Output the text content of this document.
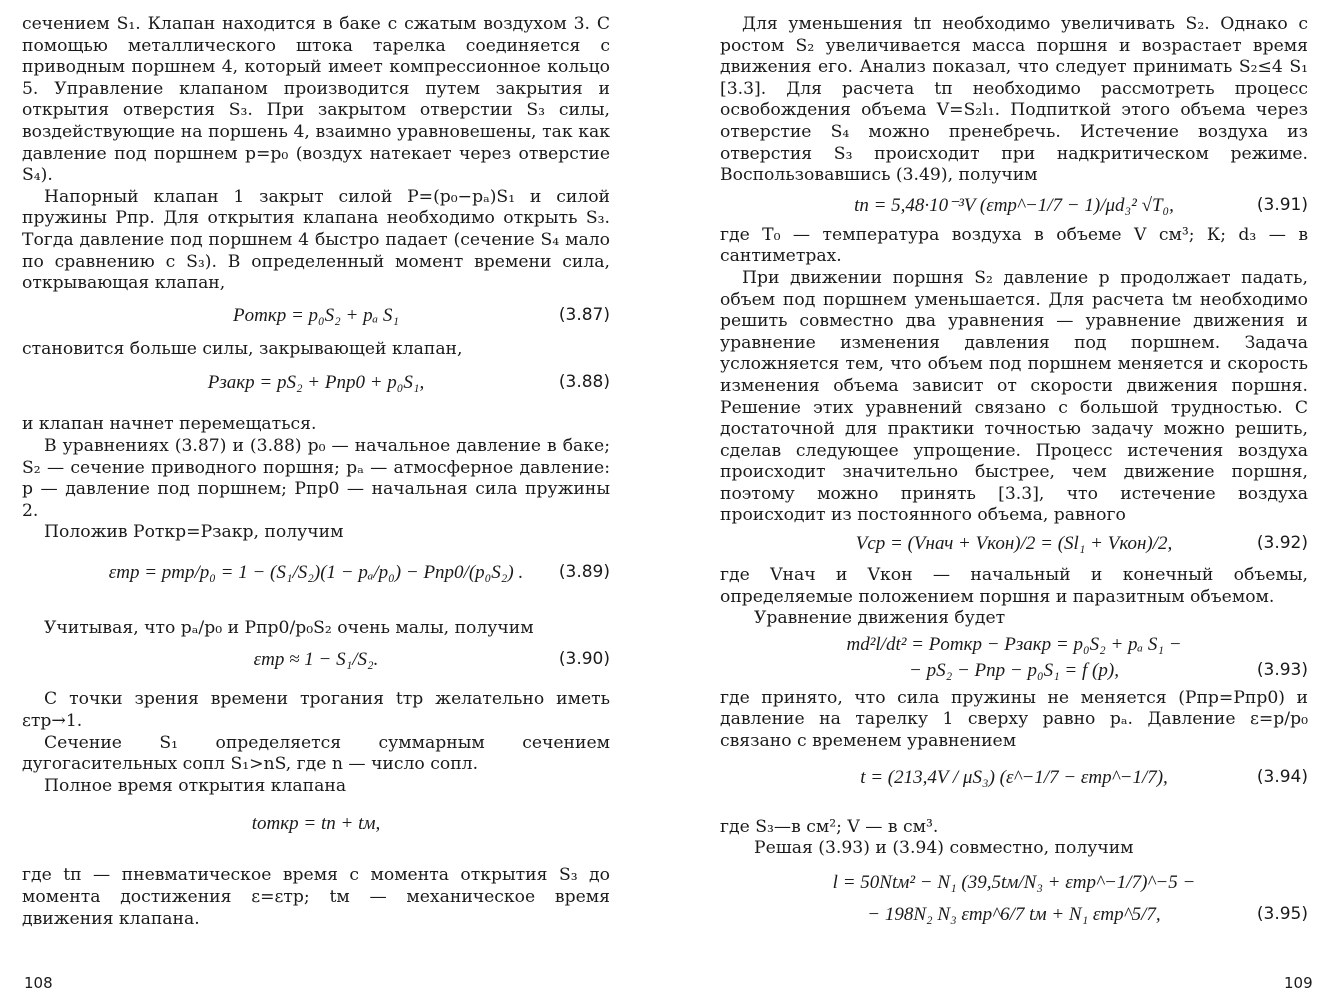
сечением S₁. Клапан находится в баке с сжатым воздухом 3. С помощью металлического штока тарелка соединяется с приводным поршнем 4, который имеет компрессионное кольцо 5. Управление клапаном производится путем закрытия и открытия отверстия S₃. При закрытом отверстии S₃ силы, воздействующие на поршень 4, взаимно уравновешены, так как давление под поршнем p=p₀ (воздух натекает через отверстие S₄).

Напорный клапан 1 закрыт силой P=(p₀−pₐ)S₁ и силой пружины Pпр. Для открытия клапана необходимо открыть S₃. Тогда давление под поршнем 4 быстро падает (сечение S₄ мало по сравнению с S₃). В определенный момент времени сила, открывающая клапан,

Pоткр = p₀S₂ + pₐ S₁	(3.87)

становится больше силы, закрывающей клапан,

Pзакр = pS₂ + Pпр0 + p₀S₁,	(3.88)

и клапан начнет перемещаться.

В уравнениях (3.87) и (3.88) p₀ — начальное давление в баке; S₂ — сечение приводного поршня; pₐ — атмосферное давление: p — давление под поршнем; Pпр0 — начальная сила пружины 2.

Положив Pоткр=Pзакр, получим

εтр = pтр/p₀ = 1 − (S₁/S₂)(1 − pₐ/p₀) − Pпр0/(p₀S₂) . (3.89)

Учитывая, что pₐ/p₀ и Pпр0/p₀S₂ очень малы, получим

εтр ≈ 1 − S₁/S₂.	(3.90)

С точки зрения времени трогания tтр желательно иметь εтр→1.

Сечение S₁ определяется суммарным сечением дугогасительных сопл S₁>nS, где n — число сопл.

Полное время открытия клапана

tоткр = tп + tм,

где tп — пневматическое время с момента открытия S₃ до момента достижения ε=εтр; tм — механическое время движения клапана.

108

Для уменьшения tп необходимо увеличивать S₂. Однако с ростом S₂ увеличивается масса поршня и возрастает время движения его. Анализ показал, что следует принимать S₂≤4 S₁ [3.3]. Для расчета tп необходимо рассмотреть процесс освобождения объема V=S₂l₁. Подпиткой этого объема через отверстие S₄ можно пренебречь. Истечение воздуха из отверстия S₃ происходит при надкритическом режиме. Воспользовавшись (3.49), получим

tп = 5,48·10⁻³V (εтр^−1/7 − 1)/μd₃² √T₀,	(3.91)

где T₀ — температура воздуха в объеме V см³; К; d₃ — в сантиметрах.

При движении поршня S₂ давление p продолжает падать, объем под поршнем уменьшается. Для расчета tм необходимо решить совместно два уравнения — уравнение движения и уравнение изменения давления под поршнем. Задача усложняется тем, что объем под поршнем меняется и скорость изменения объема зависит от скорости движения поршня. Решение этих уравнений связано с большой трудностью. С достаточной для практики точностью задачу можно решить, сделав следующее упрощение. Процесс истечения воздуха происходит значительно быстрее, чем движение поршня, поэтому можно принять [3.3], что истечение воздуха происходит из постоянного объема, равного

Vср = (Vнач + Vкон)/2 = (Sl₁ + Vкон)/2,	(3.92)

где Vнач и Vкон — начальный и конечный объемы, определяемые положением поршня и паразитным объемом.

Уравнение движения будет

md²l/dt² = Pоткр − Pзакр = p₀S₂ + pₐ S₁ −
− pS₂ − Pпр − p₀S₁ = f (p),	(3.93)

где принято, что сила пружины не меняется (Pпр=Pпр0) и давление на тарелку 1 сверху равно pₐ. Давление ε=p/p₀ связано с временем уравнением

t = (213,4V / μS₃) (ε^−1/7 − εтр^−1/7),	(3.94)

где S₃—в см²; V — в см³.

Решая (3.93) и (3.94) совместно, получим

l = 50Ntм² − N₁ (39,5tм/N₃ + εтр^−1/7)^−5 −
− 198N₂ N₃ εтр^6/7 tм + N₁ εтр^5/7,	(3.95)
109
